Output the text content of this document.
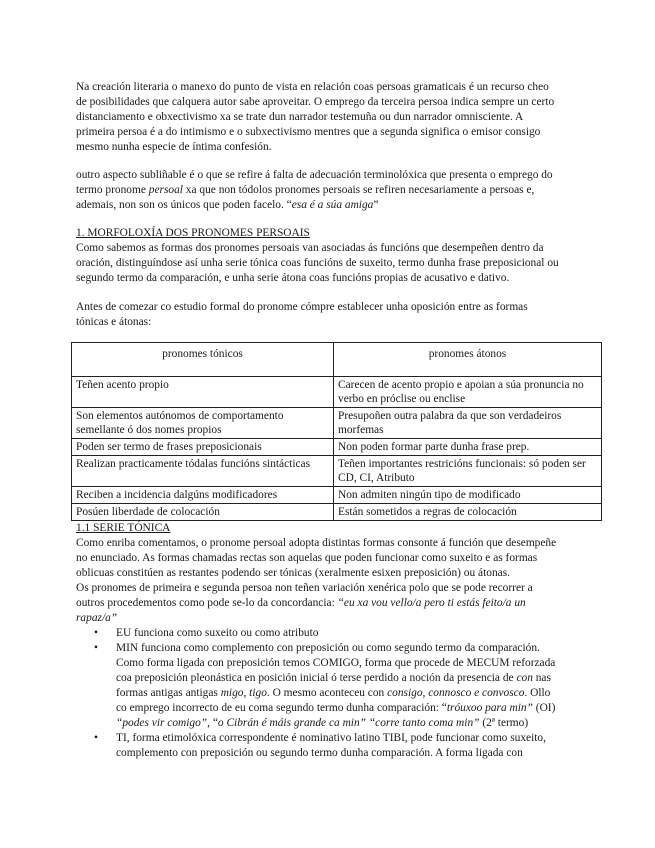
Na creación literaria o manexo do punto de vista en relación coas persoas gramaticais é un recurso cheo

de posibilidades que calquera autor sabe aproveitar. O emprego da terceira persoa indica sempre un certo

distanciamento e obxectivismo xa se trate dun narrador testemuña ou dun narrador omnisciente. A

primeira persoa é a do intimismo e o subxectivismo mentres que a segunda significa o emisor consigo

mesmo nunha especie de íntima confesión.

outro aspecto subliñable é o que se refire á falta de adecuación terminolóxica que presenta o emprego do

termo pronome persoal xa que non tódolos pronomes persoais se refiren necesariamente a persoas e,

ademais, non son os únicos que poden facelo. “esa é a súa amiga”

1. MORFOLOXÍA DOS PRONOMES PERSOAIS

Como sabemos as formas dos pronomes persoais van asociadas ás funcións que desempeñen dentro da

oración, distinguíndose así unha serie tónica coas funcións de suxeito, termo dunha frase preposicional ou

segundo termo da comparación, e unha serie átona coas funcións propias de acusativo e dativo.

Antes de comezar co estudio formal do pronome cómpre establecer unha oposición entre as formas

tónicas e átonas:

pronomes tónicos	pronomes átonos
Teñen acento propio	Carecen de acento propio e apoian a súa pronuncia no verbo en próclise ou enclise
Son elementos autónomos de comportamento semellante ó dos nomes propios	Presupoñen outra palabra da que son verdadeiros morfemas
Poden ser termo de frases preposicionais	Non poden formar parte dunha frase prep.
Realizan practicamente tódalas funcións sintácticas	Teñen importantes restricións funcionais: só poden ser CD, CI, Atributo
Reciben a incidencia dalgúns modificadores	Non admiten ningún tipo de modificado
Posúen liberdade de colocación	Están sometidos a regras de colocación

1.1 SERIE TÓNICA

Como enriba comentamos, o pronome persoal adopta distintas formas consonte á función que desempeñe

no enunciado. As formas chamadas rectas son aquelas que poden funcionar como suxeito e as formas

oblicuas constitúen as restantes podendo ser tónicas (xeralmente esixen preposición) ou átonas.

Os pronomes de primeira e segunda persoa non teñen variación xenérica polo que se pode recorrer a

outros procedementos como pode se-lo da concordancia: “eu xa vou vello/a pero ti estás feito/a un

rapaz/a”

• EU funciona como suxeito ou como atributo
• MIN funciona como complemento con preposición ou como segundo termo da comparación.
Como forma ligada con preposición temos COMIGO, forma que procede de MECUM reforzada
coa preposición pleonástica en posición inicial ó terse perdido a noción da presencia de con nas
formas antigas antigas migo, tigo. O mesmo aconteceu con consigo, connosco e convosco. Ollo
co emprego incorrecto de eu coma segundo termo dunha comparación: “tróuxoo para min” (OI)
“podes vir comigo”, “o Cibrán é máis grande ca min” “corre tanto coma min” (2ª termo)
• TI, forma etimolóxica correspondente é nominativo latino TIBI, pode funcionar como suxeito,
complemento con preposición ou segundo termo dunha comparación. A forma ligada con
